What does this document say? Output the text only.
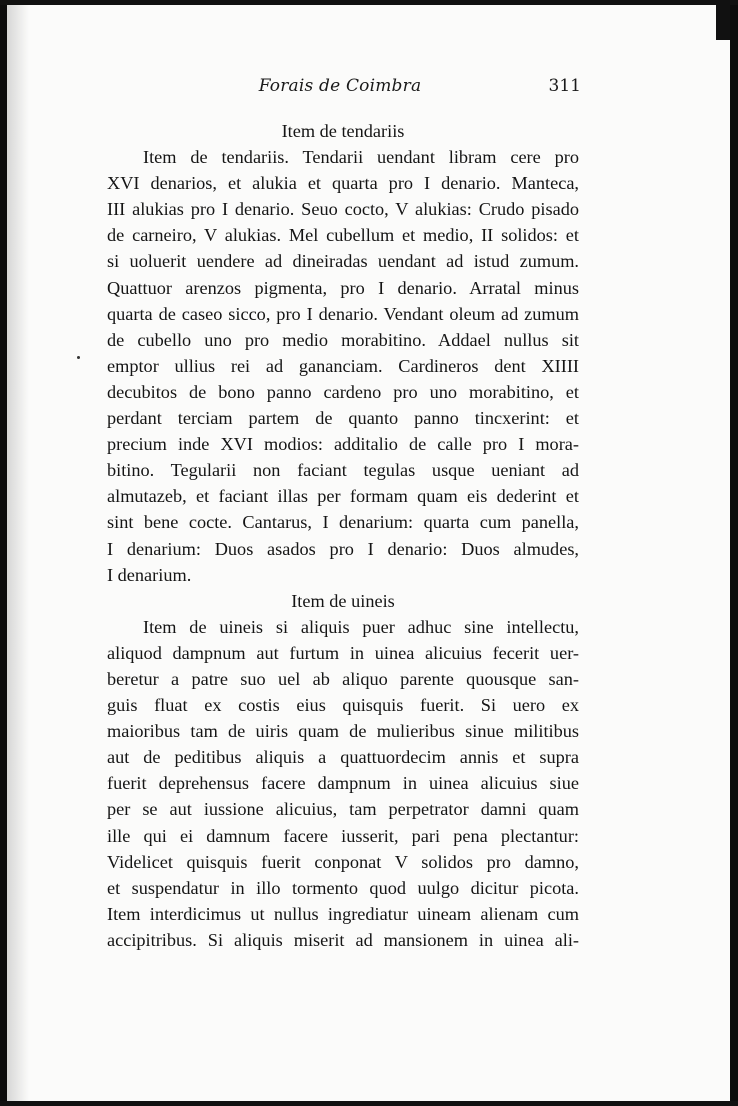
Forais de Coimbra	311
Item de tendariis
Item de tendariis. Tendarii uendant libram cere pro
XVI denarios, et alukia et quarta pro I denario. Manteca,
III alukias pro I denario. Seuo cocto, V alukias: Crudo pisado
de carneiro, V alukias. Mel cubellum et medio, II solidos: et
si uoluerit uendere ad dineiradas uendant ad istud zumum.
Quattuor arenzos pigmenta, pro I denario. Arratal minus
quarta de caseo sicco, pro I denario. Vendant oleum ad zumum
de cubello uno pro medio morabitino. Addael nullus sit
emptor ullius rei ad gananciam. Cardineros dent XIIII
decubitos de bono panno cardeno pro uno morabitino, et
perdant terciam partem de quanto panno tincxerint: et
precium inde XVI modios: additalio de calle pro I mora-
bitino. Tegularii non faciant tegulas usque ueniant ad
almutazeb, et faciant illas per formam quam eis dederint et
sint bene cocte. Cantarus, I denarium: quarta cum panella,
I denarium: Duos asados pro I denario: Duos almudes,
I denarium.
Item de uineis
Item de uineis si aliquis puer adhuc sine intellectu,
aliquod dampnum aut furtum in uinea alicuius fecerit uer-
beretur a patre suo uel ab aliquo parente quousque san-
guis fluat ex costis eius quisquis fuerit. Si uero ex
maioribus tam de uiris quam de mulieribus sinue militibus
aut de peditibus aliquis a quattuordecim annis et supra
fuerit deprehensus facere dampnum in uinea alicuius siue
per se aut iussione alicuius, tam perpetrator damni quam
ille qui ei damnum facere iusserit, pari pena plectantur:
Videlicet quisquis fuerit conponat V solidos pro damno,
et suspendatur in illo tormento quod uulgo dicitur picota.
Item interdicimus ut nullus ingrediatur uineam alienam cum
accipitribus. Si aliquis miserit ad mansionem in uinea ali-
